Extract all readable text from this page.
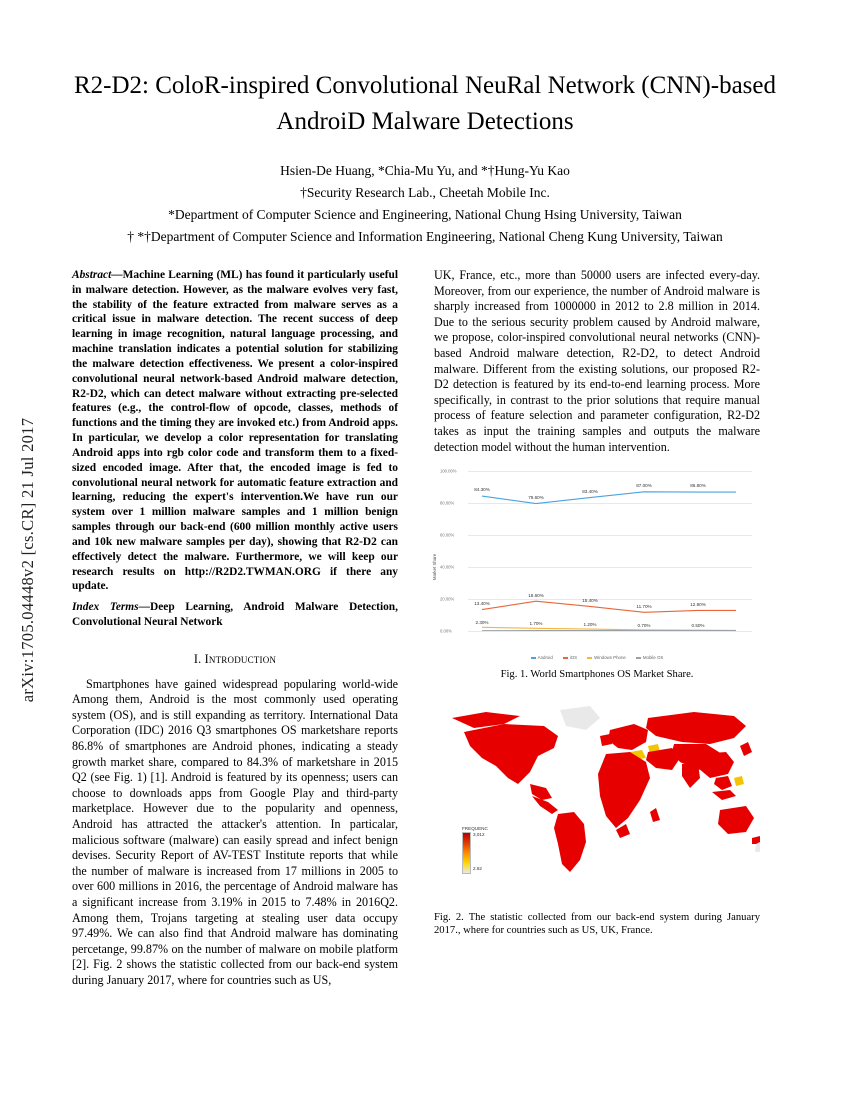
arXiv:1705.04448v2 [cs.CR] 21 Jul 2017
R2-D2: ColoR-inspired Convolutional NeuRal Network (CNN)-based AndroiD Malware Detections
Hsien-De Huang, *Chia-Mu Yu, and *†Hung-Yu Kao
†Security Research Lab., Cheetah Mobile Inc.
*Department of Computer Science and Engineering, National Chung Hsing University, Taiwan
† *†Department of Computer Science and Information Engineering, National Cheng Kung University, Taiwan
Abstract—Machine Learning (ML) has found it particularly useful in malware detection. However, as the malware evolves very fast, the stability of the feature extracted from malware serves as a critical issue in malware detection. The recent success of deep learning in image recognition, natural language processing, and machine translation indicates a potential solution for stabilizing the malware detection effectiveness. We present a color-inspired convolutional neural network-based Android malware detection, R2-D2, which can detect malware without extracting pre-selected features (e.g., the control-flow of opcode, classes, methods of functions and the timing they are invoked etc.) from Android apps. In particular, we develop a color representation for translating Android apps into rgb color code and transform them to a fixed-sized encoded image. After that, the encoded image is fed to convolutional neural network for automatic feature extraction and learning, reducing the expert's intervention.We have run our system over 1 million malware samples and 1 million benign samples through our back-end (600 million monthly active users and 10k new malware samples per day), showing that R2-D2 can effectively detect the malware. Furthermore, we will keep our research results on http://R2D2.TWMAN.ORG if there any update.
Index Terms—Deep Learning, Android Malware Detection, Convolutional Neural Network
I. Introduction

Smartphones have gained widespread popularing world-wide Among them, Android is the most commonly used operating system (OS), and is still expanding as territory. International Data Corporation (IDC) 2016 Q3 smartphones OS marketshare reports 86.8% of smartphones are Android phones, indicating a steady growth market share, compared to 84.3% of marketshare in 2015 Q2 (see Fig. 1) [1]. Android is featured by its openness; users can choose to downloads apps from Google Play and third-party marketplace. However due to the popularity and openness, Android has attracted the attacker's attention. In particalar, malicious software (malware) can easily spread and infect benign devises. Security Report of AV-TEST Institute reports that while the number of malware is increased from 17 millions in 2005 to over 600 millions in 2016, the percentage of Android malware has a significant increase from 3.19% in 2015 to 7.48% in 2016Q2. Among them, Trojans targeting at stealing user data occupy 97.49%. We can also find that Android malware has dominating percetange, 99.87% on the number of malware on mobile platform [2]. Fig. 2 shows the statistic collected from our back-end system during January 2017, where for countries such as US,

UK, France, etc., more than 50000 users are infected every-day. Moreover, from our experience, the number of Android malware is sharply increased from 1000000 in 2012 to 2.8 million in 2014. Due to the serious security problem caused by Android malware, we propose, color-inspired convolutional neural networks (CNN)-based Android malware detection, R2-D2, to detect Android malware. Different from the existing solutions, our proposed R2-D2 detection is featured by its end-to-end learning process. More specifically, in contrast to the prior solutions that require manual process of feature selection and parameter configuration, R2-D2 takes as input the training samples and outputs the malware detection model without the human intervention.

Market Share
100.00%
80.00%
60.00%
40.00%
20.00%
0.00%
84.30%
79.60%
83.40%
87.00%	86.80%
13.40%
18.60%
15.40%
11.70%	12.90%
2.30%	1.70%	1.20%	0.70%	0.50%
Android	iOS	Windows Phone	Mobile OS
Fig. 1. World Smartphones OS Market Share.
FREQUENC
3,012
2.82
Fig. 2. The statistic collected from our back-end system during January 2017., where for countries such as US, UK, France.
